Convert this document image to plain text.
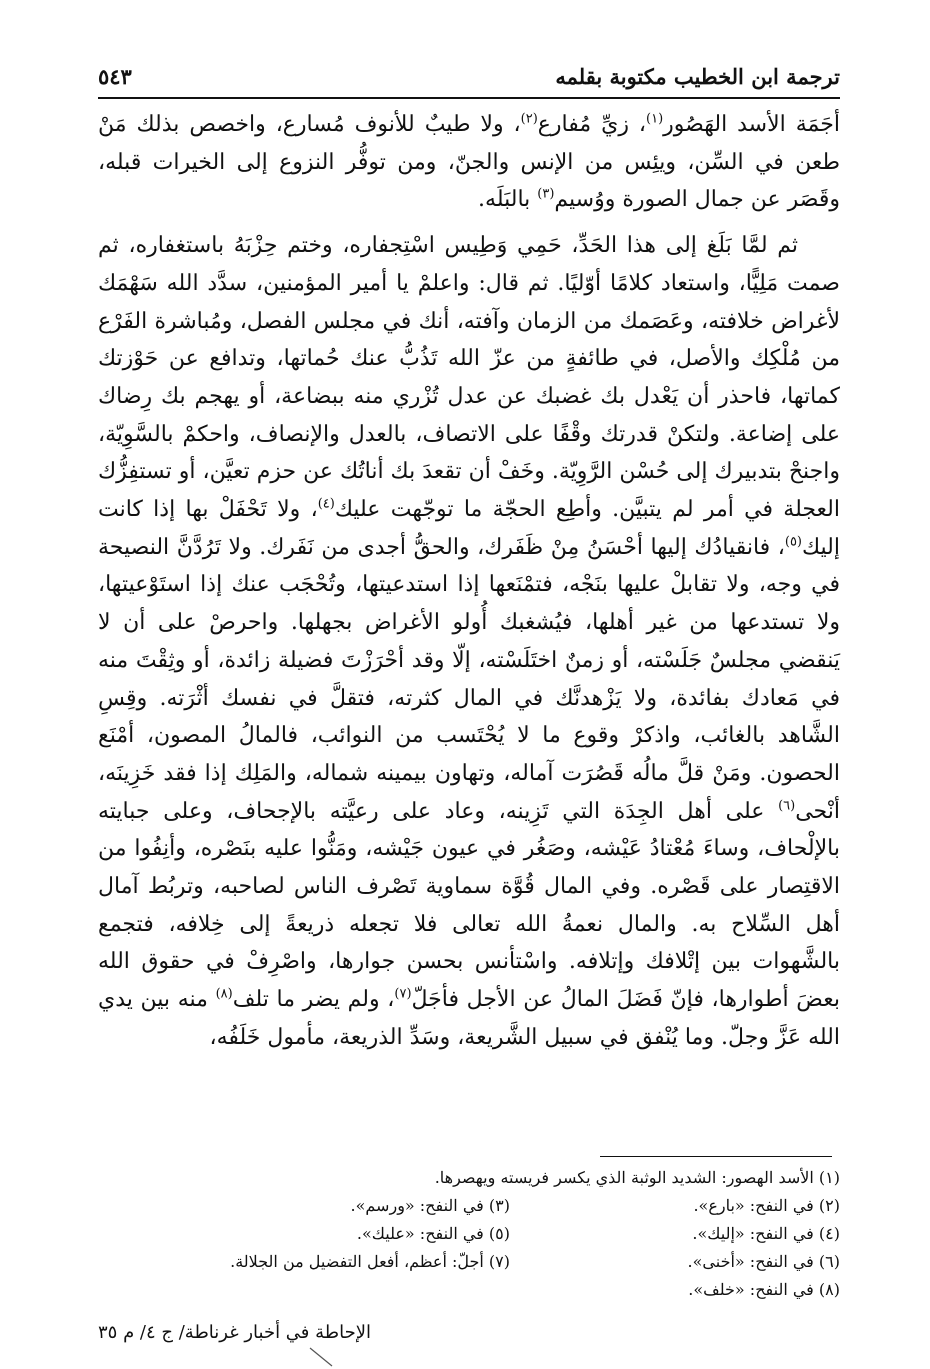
ترجمة ابن الخطيب مكتوبة بقلمه
٥٤٣

أجَمَة الأسد الهَصُور$^{(١)}$، زيِّ مُفارع$^{(٢)}$، ولا طيبٌ للأنوف مُسارع، واخصص بذلك مَنْ طعن في السِّن، ويئِس من الإنس والجنّ، ومن توفُّر النزوع إلى الخيرات قبله، وقَصَر عن جمال الصورة ووُسيم$^{(٣)}$ بالبَلَه.

ثم لمَّا بَلَغ إلى هذا الحَدِّ، حَمِي وَطِيس اسْتِجفاره، وختم حِزْبَهُ باستغفاره، ثم صمت مَلِيًّا، واستعاد كلامًا أوّليًا. ثم قال: واعلمْ يا أمير المؤمنين، سدَّد الله سَهْمَك لأغراض خلافته، وعَصَمك من الزمان وآفته، أنك في مجلس الفصل، ومُباشرة الفَرْع من مُلْكِك والأصل، في طائفةٍ من عزّ الله تَذُبُّ عنك حُماتها، وتدافع عن حَوْزتك كماتها، فاحذر أن يَعْدل بك غضبك عن عدل تُزْري منه ببضاعة، أو يهجم بك رِضاك على إضاعة. ولتكنْ قدرتك وقْفًا على الاتصاف، بالعدل والإنصاف، واحكمْ بالسَّوِيّة، واجنحْ بتدبيرك إلى حُسْن الرَّوِيّة. وخَفْ أن تقعدَ بك أناتُك عن حزم تعيَّن، أو تستفِزُّك العجلة في أمر لم يتبيَّن. وأطِع الحجّة ما توجّهت عليك$^{(٤)}$، ولا تَحْفَلْ بها إذا كانت إليك$^{(٥)}$، فانقيادُك إليها أحْسَنُ مِنْ ظَفَرك، والحقُّ أجدى من نَفَرك. ولا تَرُدَّنَّ النصيحة في وجه، ولا تقابلْ عليها بنَجْه، فتمْنَعها إذا استدعيتها، وتُحْجَب عنك إذا استَوْعيتها، ولا تستدعها من غير أهلها، فيُشغبك أُولو الأغراض بجهلها. واحرصْ على أن لا يَنقضي مجلسٌ جَلَسْته، أو زمنٌ اختَلَسْته، إلّا وقد أحْرَزْتَ فضيلة زائدة، أو وثِقْتَ منه في مَعادك بفائدة، ولا يَزْهدنَّك في المال كثرته، فتقلَّ في نفسك أثْرَته. وقِسِ الشَّاهد بالغائب، واذكرْ وقوع ما لا يُحْتَسب من النوائب، فالمالُ المصون، أمْنَع الحصون. ومَنْ قلَّ مالُه قَصُرَت آماله، وتهاون بيمينه شماله، والمَلِك إذا فقد خَزِينَه، أنْحى$^{(٦)}$ على أهل الجِدَة التي تَزِينه، وعاد على رعيَّته بالإجحاف، وعلى جبايته بالإلْحاف، وساءَ مُعْتادُ عَيْشه، وصَغُر في عيون جَيْشه، ومَنُّوا عليه بنَصْره، وأنِفُوا من الاقتِصار على قَصْره. وفي المال قُوَّة سماوية تَصْرف الناس لصاحبه، وتربُط آمال أهل السِّلاح به. والمال نعمةُ الله تعالى فلا تجعله ذريعةً إلى خِلافه، فتجمع بالشَّهوات بين إتْلافك وإتلافه. واسْتأنس بحسن جوارها، واصْرِفْ في حقوق الله بعضَ أطوارها، فإنّ فَضَلَ المالُ عن الأجل فأجَلّ$^{(٧)}$، ولم يضر ما تلف$^{(٨)}$ منه بين يدي الله عَزَّ وجلّ. وما يُنْفق في سبيل الشَّريعة، وسَدِّ الذريعة، مأمول خَلَفُه،

(١) الأسد الهصور: الشديد الوثبة الذي يكسر فريسته ويهصرها.
(٢) في النفح: «بارع».
(٣) في النفح: «ورسم».
(٤) في النفح: «إليك».
(٥) في النفح: «عليك».
(٦) في النفح: «أخنى».
(٧) أجلّ: أعظم، أفعل التفضيل من الجلالة.
(٨) في النفح: «خلف».
الإحاطة في أخبار غرناطة/ ج ٤/ م ٣٥
